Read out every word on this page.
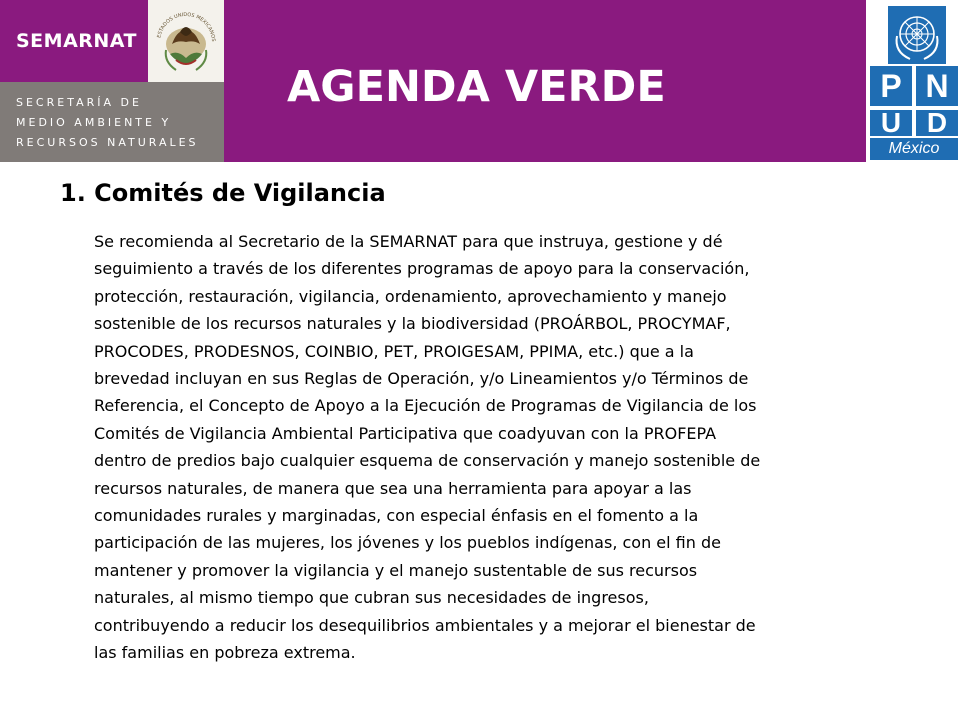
SEMARNAT	ESTADOS UNIDOS MEXICANOS
SECRETARÍA DE
MEDIO AMBIENTE Y
RECURSOS NATURALES
AGENDA VERDE	P N
U D
México
1. Comités de Vigilancia

Se recomienda al Secretario de la SEMARNAT para que instruya, gestione y dé
seguimiento a través de los diferentes programas de apoyo para la conservación,
protección, restauración, vigilancia, ordenamiento, aprovechamiento y manejo
sostenible de los recursos naturales y la biodiversidad (PROÁRBOL, PROCYMAF,
PROCODES, PRODESNOS, COINBIO, PET, PROIGESAM, PPIMA, etc.) que a la
brevedad incluyan en sus Reglas de Operación, y/o Lineamientos y/o Términos de
Referencia, el Concepto de Apoyo a la Ejecución de Programas de Vigilancia de los
Comités de Vigilancia Ambiental Participativa que coadyuvan con la PROFEPA
dentro de predios bajo cualquier esquema de conservación y manejo sostenible de
recursos naturales, de manera que sea una herramienta para apoyar a las
comunidades rurales y marginadas, con especial énfasis en el fomento a la
participación de las mujeres, los jóvenes y los pueblos indígenas, con el fin de
mantener y promover la vigilancia y el manejo sustentable de sus recursos
naturales, al mismo tiempo que cubran sus necesidades de ingresos,
contribuyendo a reducir los desequilibrios ambientales y a mejorar el bienestar de
las familias en pobreza extrema.
